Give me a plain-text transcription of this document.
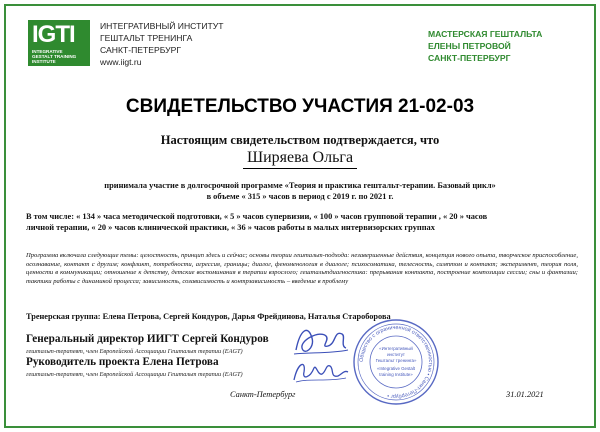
IGTI
INTEGRATIVE
GESTALT TRAINING
INSTITUTE
ИНТЕГРАТИВНЫЙ ИНСТИТУТ
ГЕШТАЛЬТ ТРЕНИНГА
САНКТ-ПЕТЕРБУРГ
www.iigt.ru
МАСТЕРСКАЯ ГЕШТАЛЬТА
ЕЛЕНЫ ПЕТРОВОЙ
САНКТ-ПЕТЕРБУРГ
СВИДЕТЕЛЬСТВО УЧАСТИЯ 21-02-03
Настоящим свидетельством подтверждается, что
Ширяева Ольга
принимала участие в долгосрочной программе «Теория и практика гештальт-терапии. Базовый цикл»
в объеме « 315 » часов в период с 2019 г. по 2021 г.
В том числе: « 134 » часа методической подготовки, « 5 » часов супервизии, « 100 » часов групповой терапии , « 20 » часов
личной терапии, « 20 » часов клинической практики, « 36 » часов работы в малых интервизорских группах
Программа включала следующие темы: целостность, принцип здесь и сейчас; основы теории гештальт-подхода: незавершенные действия, концепция нового опыта, творческое приспособление, осознавание, контакт с другим; конфликт, потребности, агрессия, границы; диалог, феноменология в диалоге; психосоматика, телесность, симптом и контакт; эксперимент, теория поля, ценности в коммуникации; отношение к детству, детские воспоминания в терапии взрослого; гештальтдиагностика: прерывания контакта, построение композиции сессии; сны и фантазии; тактики работы с динамикой процесса; зависимость, созависимость и контрзависимость – введение в проблему
Тренерская группа: Елена Петрова, Сергей Кондуров, Дарья Фрейдинова, Наталья Староборова
Генеральный директор ИИГТ Сергей Кондуров
гештальт-терапевт, член Европейской Ассоциации Гештальт терапии (EAGT)
Руководитель проекта Елена Петрова
гештальт-терапевт, член Европейской Ассоциации Гештальт терапии (EAGT)
Общество с ограниченной ответственностью • Санкт-Петербург •
«Интегративный
институт
Гештальт тренинга»
«Integrative Gestalt
training Institute»
Санкт-Петербург	31.01.2021
